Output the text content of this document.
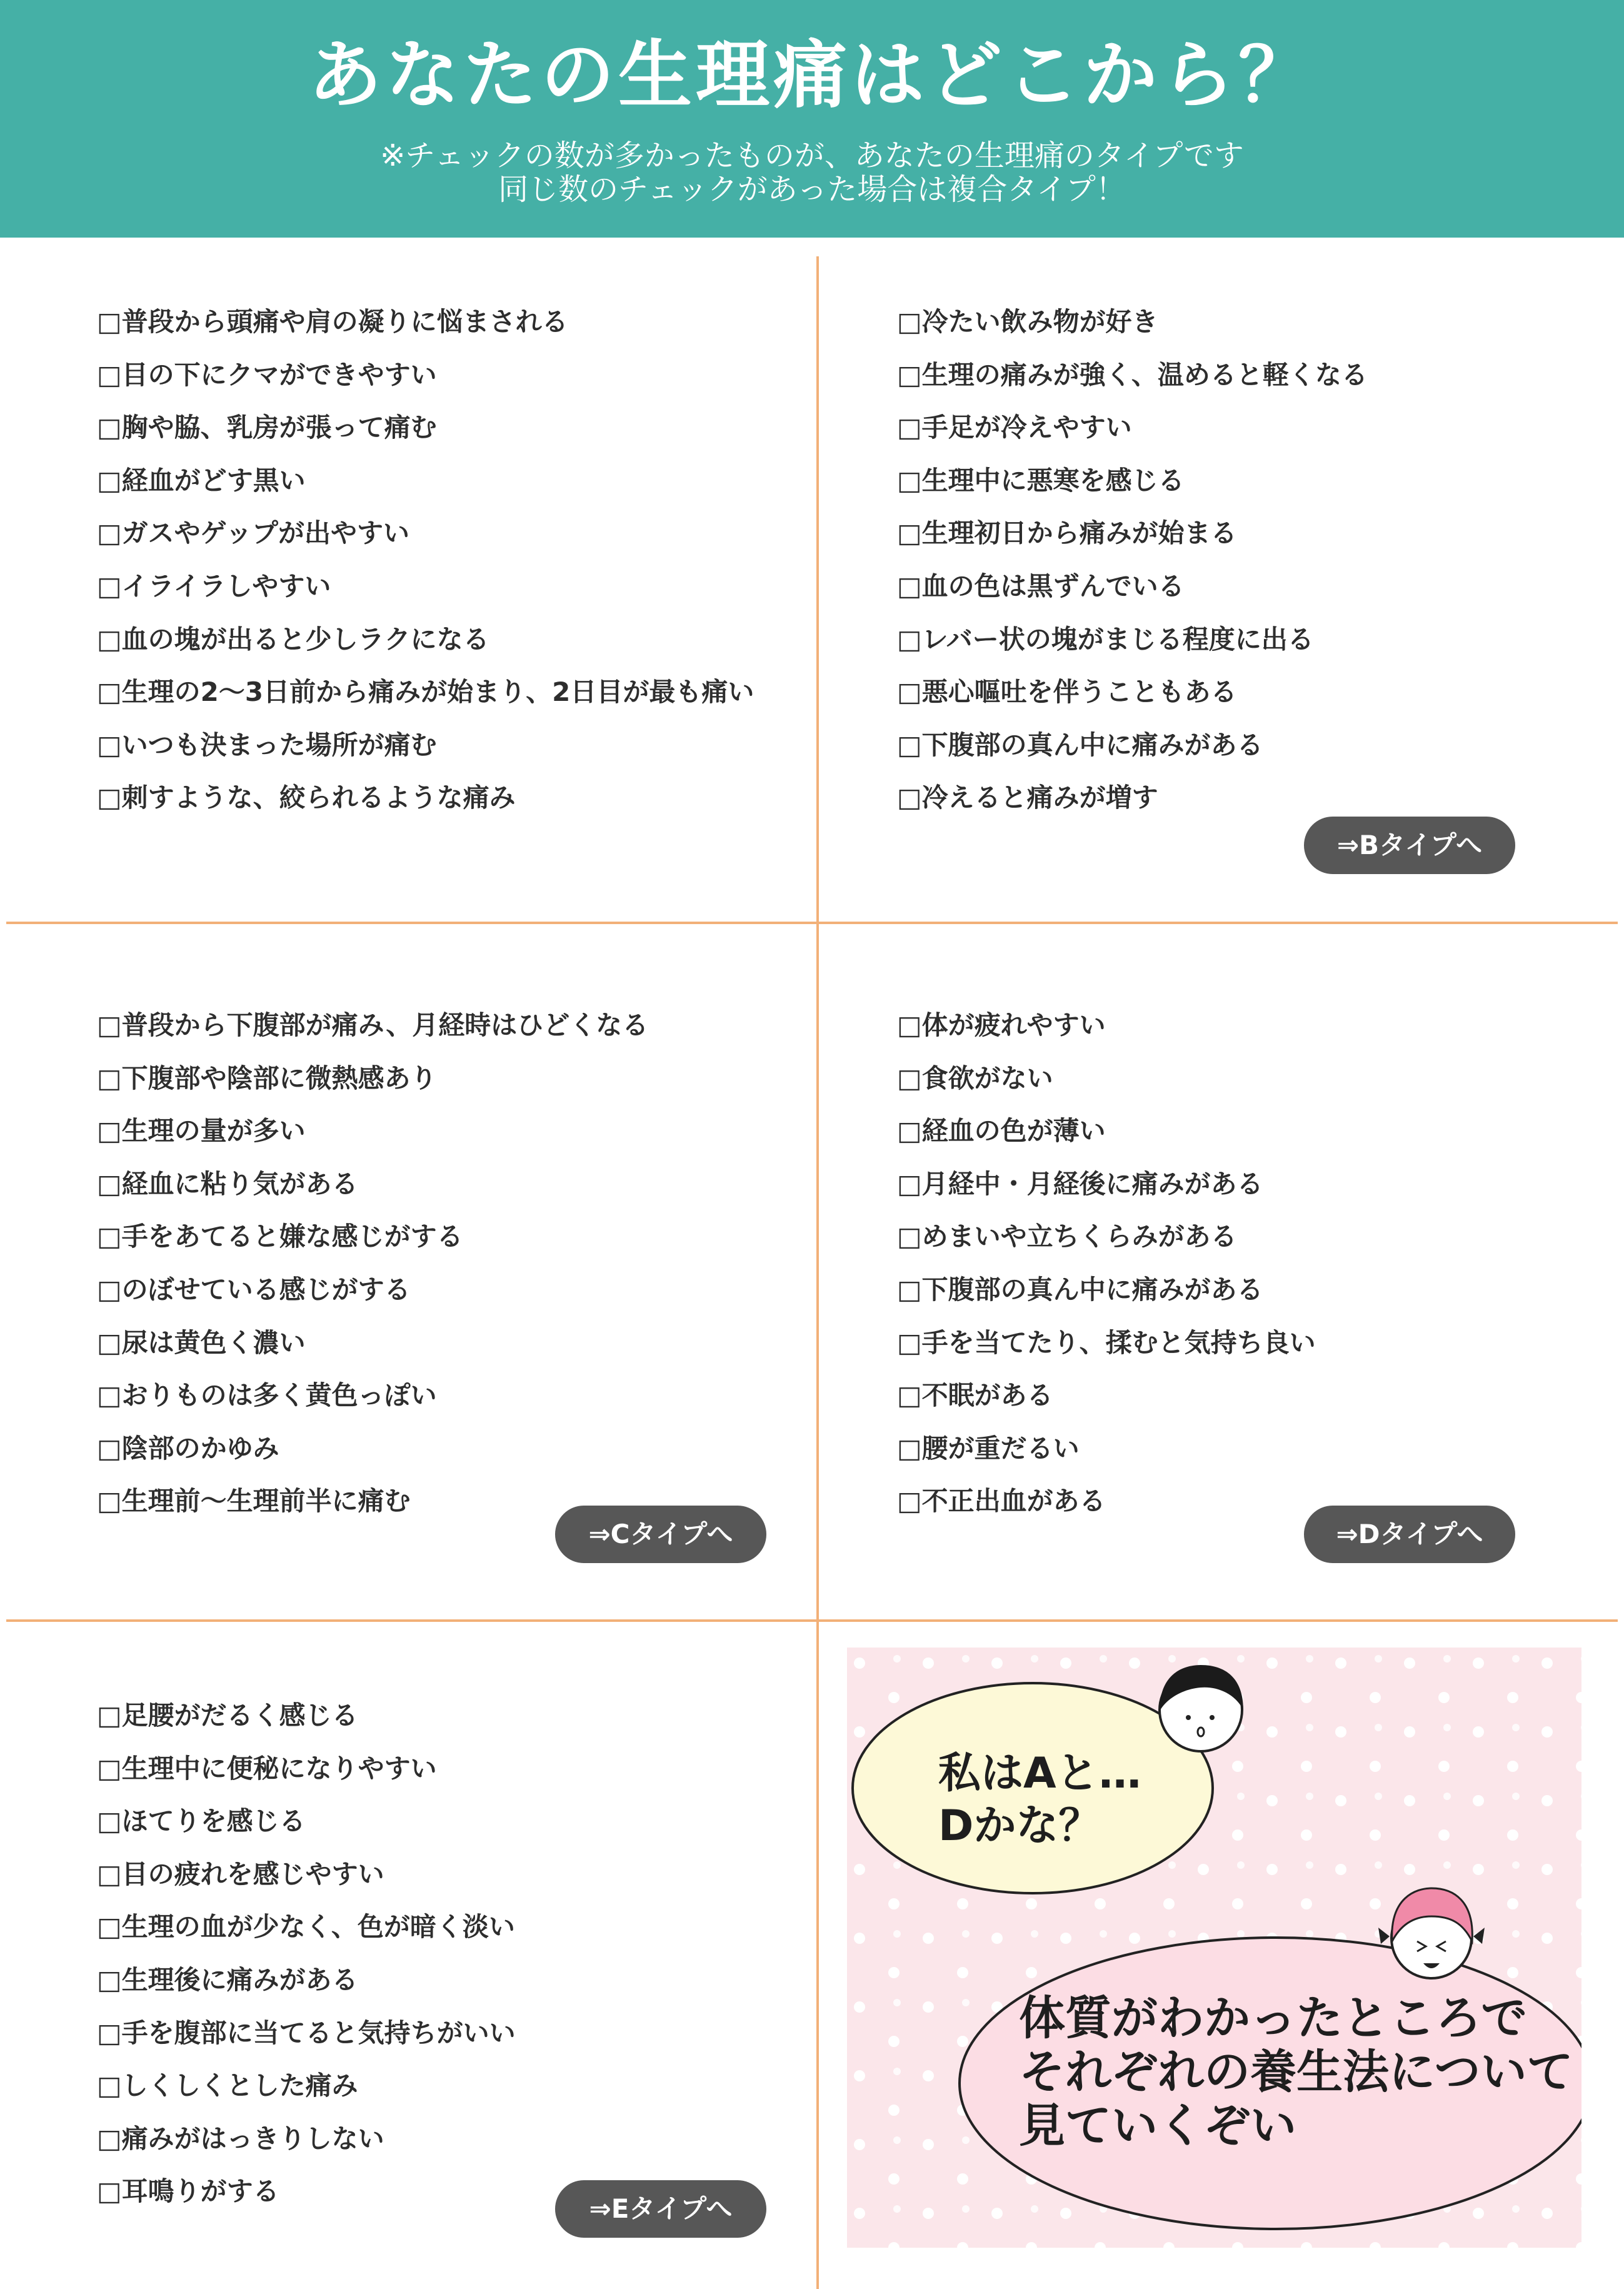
あなたの生理痛はどこから？
※チェックの数が多かったものが、あなたの生理痛のタイプです
同じ数のチェックがあった場合は複合タイプ！
□普段から頭痛や肩の凝りに悩まされる
□目の下にクマができやすい
□胸や脇、乳房が張って痛む
□経血がどす黒い
□ガスやゲップが出やすい
□イライラしやすい
□血の塊が出ると少しラクになる
□生理の2〜3日前から痛みが始まり、2日目が最も痛い
□いつも決まった場所が痛む
□刺すような、絞られるような痛み
□冷たい飲み物が好き
□生理の痛みが強く、温めると軽くなる
□手足が冷えやすい
□生理中に悪寒を感じる
□生理初日から痛みが始まる
□血の色は黒ずんでいる
□レバー状の塊がまじる程度に出る
□悪心嘔吐を伴うこともある
□下腹部の真ん中に痛みがある
□冷えると痛みが増す
⇒Bタイプへ
□普段から下腹部が痛み、月経時はひどくなる
□下腹部や陰部に微熱感あり
□生理の量が多い
□経血に粘り気がある
□手をあてると嫌な感じがする
□のぼせている感じがする
□尿は黄色く濃い
□おりものは多く黄色っぽい
□陰部のかゆみ
□生理前〜生理前半に痛む
⇒Cタイプへ
□体が疲れやすい
□食欲がない
□経血の色が薄い
□月経中・月経後に痛みがある
□めまいや立ちくらみがある
□下腹部の真ん中に痛みがある
□手を当てたり、揉むと気持ち良い
□不眠がある
□腰が重だるい
□不正出血がある
⇒Dタイプへ
□足腰がだるく感じる
□生理中に便秘になりやすい
□ほてりを感じる
□目の疲れを感じやすい
□生理の血が少なく、色が暗く淡い
□生理後に痛みがある
□手を腹部に当てると気持ちがいい
□しくしくとした痛み
□痛みがはっきりしない
□耳鳴りがする
⇒Eタイプへ
私はAと…
Dかな？
体質がわかったところで
それぞれの養生法について
見ていくぞい
